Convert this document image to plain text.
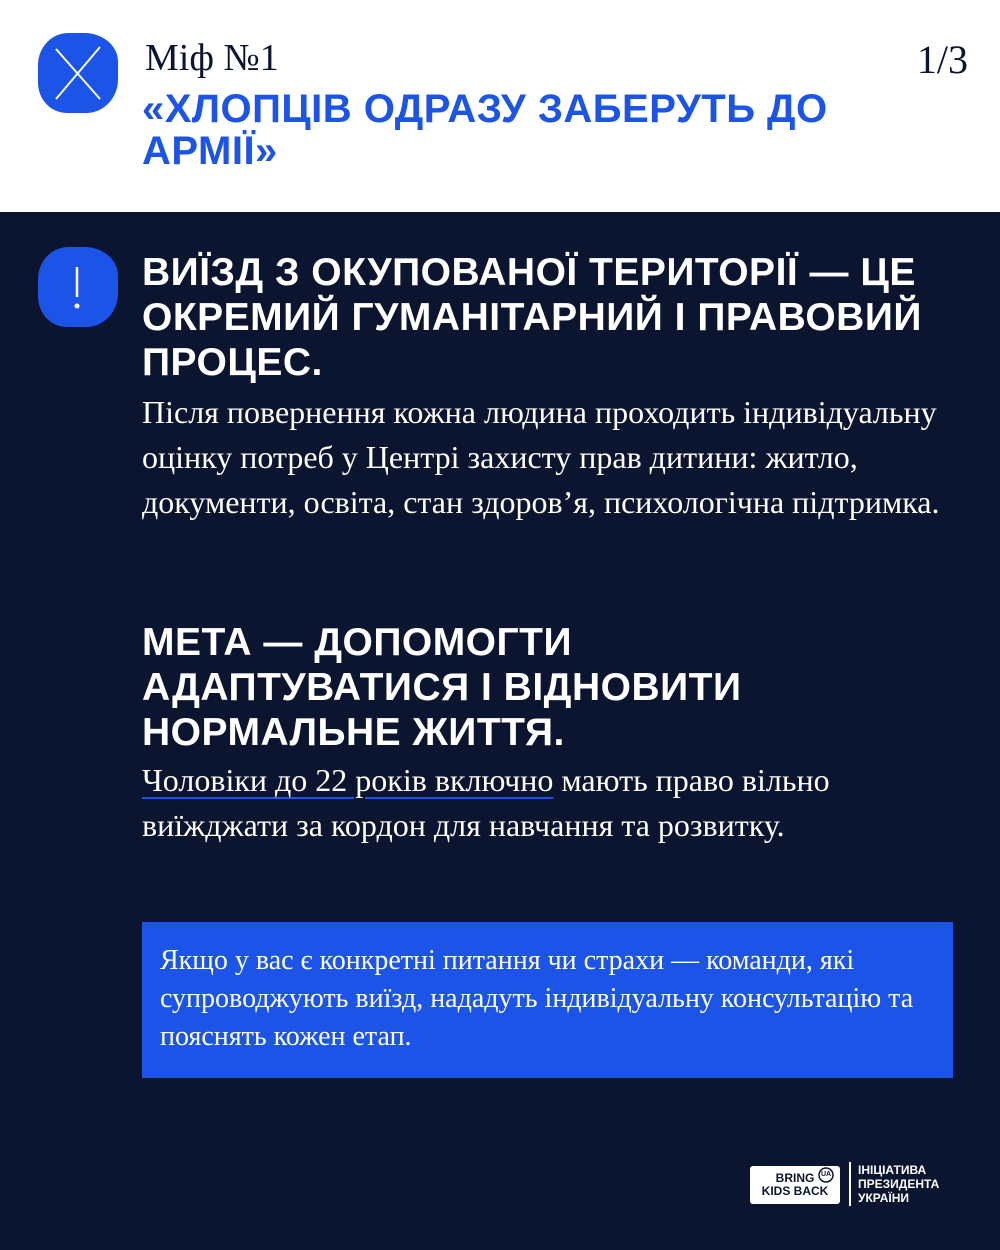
Міф №1	1/3
«ХЛОПЦІВ ОДРАЗУ ЗАБЕРУТЬ ДО АРМІЇ»
ВИЇЗД З ОКУПОВАНОЇ ТЕРИТОРІЇ — ЦЕ ОКРЕМИЙ ГУМАНІТАРНИЙ І ПРАВОВИЙ ПРОЦЕС.
Після повернення кожна людина проходить індивідуальну оцінку потреб у Центрі захисту прав дитини: житло, документи, освіта, стан здоров’я, психологічна підтримка.
МЕТА — ДОПОМОГТИ АДАПТУВАТИСЯ І ВІДНОВИТИ НОРМАЛЬНЕ ЖИТТЯ.
Чоловіки до 22 років включно мають право вільно виїжджати за кордон для навчання та розвитку.
Якщо у вас є конкретні питання чи страхи — команди, які супроводжують виїзд, нададуть індивідуальну консультацію та пояснять кожен етап.
BRING
KIDS BACK
UA ІНІЦІАТИВА
ПРЕЗИДЕНТА
УКРАЇНИ
